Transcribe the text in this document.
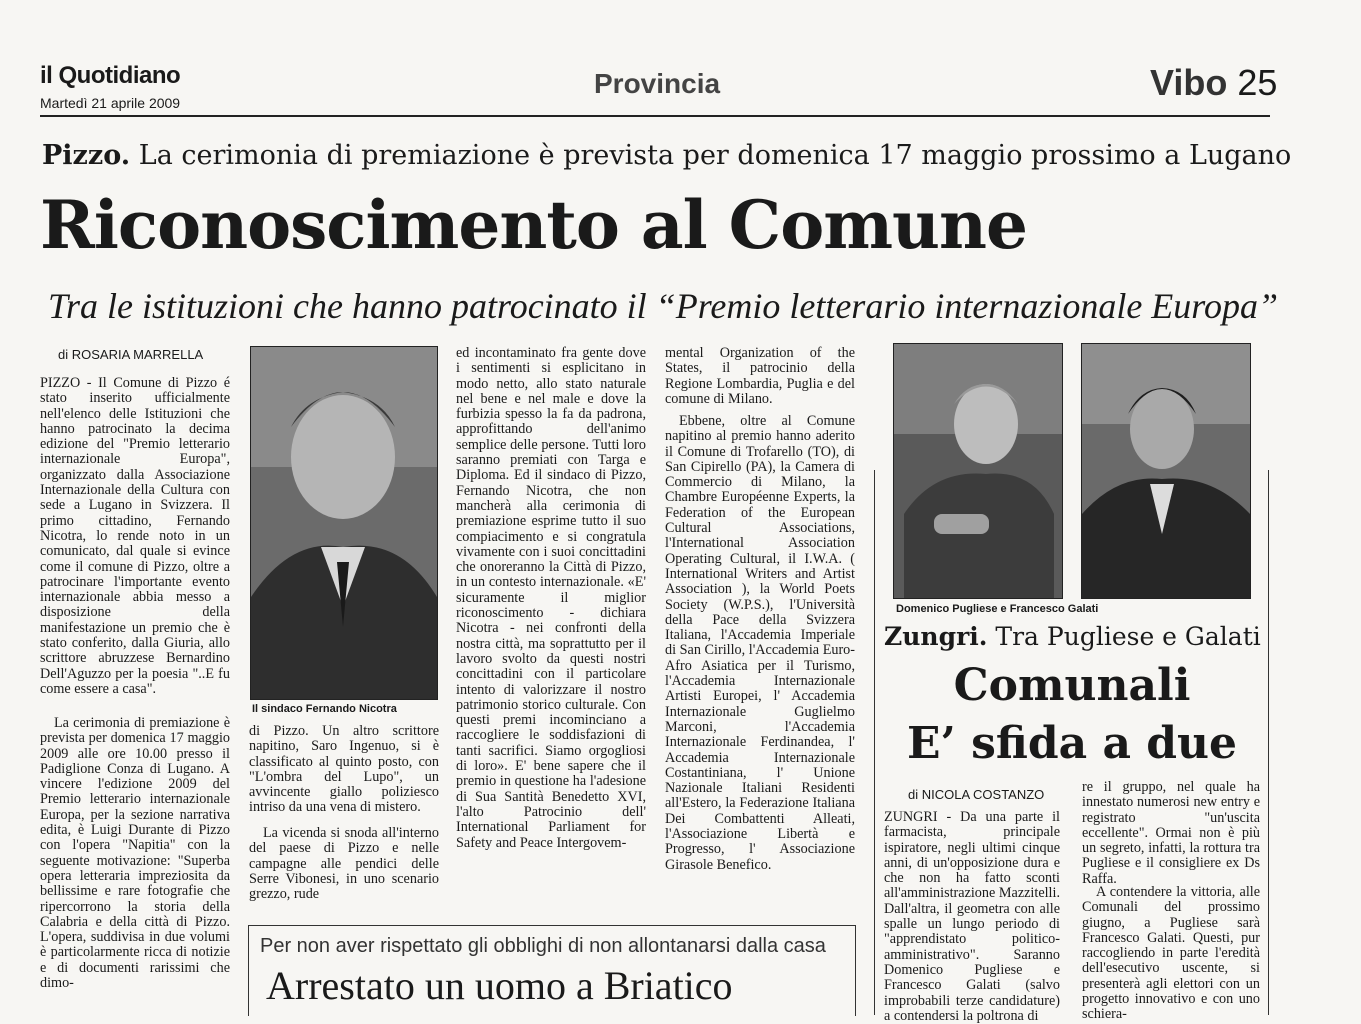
il Quotidiano
Martedì 21 aprile 2009
Provincia	Vibo 25
Pizzo. La cerimonia di premiazione è prevista per domenica 17 maggio prossimo a Lugano
Riconoscimento al Comune
Tra le istituzioni che hanno patrocinato il “Premio letterario internazionale Europa”
di ROSARIA MARRELLA
PIZZO - Il Comune di Pizzo é stato inserito ufficialmente nell'elenco delle Istituzioni che hanno patrocinato la decima edizione del "Premio letterario internazionale Europa", organizzato dalla Associazione Internazionale della Cultura con sede a Lugano in Svizzera. Il primo cittadino, Fernando Nicotra, lo rende noto in un comunicato, dal quale si evince come il comune di Pizzo, oltre a patrocinare l'importante evento internazionale abbia messo a disposizione della manifestazione un premio che è stato conferito, dalla Giuria, allo scrittore abruzzese Bernardino Dell'Aguzzo per la poesia "..E fu come essere a casa".
La cerimonia di premiazione è prevista per domenica 17 maggio 2009 alle ore 10.00 presso il Padiglione Conza di Lugano. A vincere l'edizione 2009 del Premio letterario internazionale Europa, per la sezione narrativa edita, è Luigi Durante di Pizzo con l'opera "Napitia" con la seguente motivazione: "Superba opera letteraria impreziosita da bellissime e rare fotografie che ripercorrono la storia della Calabria e della città di Pizzo. L'opera, suddivisa in due volumi è particolarmente ricca di notizie e di documenti rarissimi che dimo-
Il sindaco Fernando Nicotra
di Pizzo. Un altro scrittore napitino, Saro Ingenuo, si è classificato al quinto posto, con "L'ombra del Lupo", un avvincente giallo poliziesco intriso da una vena di mistero.
La vicenda si snoda all'interno del paese di Pizzo e nelle campagne alle pendici delle Serre Vibonesi, in uno scenario grezzo, rude
ed incontaminato fra gente dove i sentimenti si esplicitano in modo netto, allo stato naturale nel bene e nel male e dove la furbizia spesso la fa da padrona, approfittando dell'animo semplice delle persone. Tutti loro saranno premiati con Targa e Diploma. Ed il sindaco di Pizzo, Fernando Nicotra, che non mancherà alla cerimonia di premiazione esprime tutto il suo compiacimento e si congratula vivamente con i suoi concittadini che onoreranno la Città di Pizzo, in un contesto internazionale. «E' sicuramente il miglior riconoscimento - dichiara Nicotra - nei confronti della nostra città, ma soprattutto per il lavoro svolto da questi nostri concittadini con il particolare intento di valorizzare il nostro patrimonio storico culturale. Con questi premi incominciano a raccogliere le soddisfazioni di tanti sacrifici. Siamo orgogliosi di loro». E' bene sapere che il premio in questione ha l'adesione di Sua Santità Benedetto XVI, l'alto Patrocinio dell' International Parliament for Safety and Peace Intergovem-
mental Organization of the States, il patrocinio della Regione Lombardia, Puglia e del comune di Milano.
Ebbene, oltre al Comune napitino al premio hanno aderito il Comune di Trofarello (TO), di San Cipirello (PA), la Camera di Commercio di Milano, la Chambre Européenne Experts, la Federation of the European Cultural Associations, l'International Association Operating Cultural, il I.W.A. ( International Writers and Artist Association ), la World Poets Society (W.P.S.), l'Università della Pace della Svizzera Italiana, l'Accademia Imperiale di San Cirillo, l'Accademia Euro-Afro Asiatica per il Turismo, l'Accademia Internazionale Artisti Europei, l' Accademia Internazionale Guglielmo Marconi, l'Accademia Internazionale Ferdinandea, l' Accademia Internazionale Costantiniana, l' Unione Nazionale Italiani Residenti all'Estero, la Federazione Italiana Dei Combattenti Alleati, l'Associazione Libertà e Progresso, l' Associazione Girasole Benefico.
Per non aver rispettato gli obblighi di non allontanarsi dalla casa
Arrestato un uomo a Briatico
Domenico Pugliese e Francesco Galati
Zungri. Tra Pugliese e Galati
Comunali
E’ sfida a due
di NICOLA COSTANZO
ZUNGRI - Da una parte il farmacista, principale ispiratore, negli ultimi cinque anni, di un'opposizione dura e che non ha fatto sconti all'amministrazione Mazzitelli. Dall'altra, il geometra con alle spalle un lungo periodo di "apprendistato politico-amministrativo". Saranno Domenico Pugliese e Francesco Galati (salvo improbabili terze candidature) a contendersi la poltrona di
re il gruppo, nel quale ha innestato numerosi new entry e registrato "un'uscita eccellente". Ormai non è più un segreto, infatti, la rottura tra Pugliese e il consigliere ex Ds Raffa.
A contendere la vittoria, alle Comunali del prossimo giugno, a Pugliese sarà Francesco Galati. Questi, pur raccogliendo in parte l'eredità dell'esecutivo uscente, si presenterà agli elettori con un progetto innovativo e con uno schiera-
